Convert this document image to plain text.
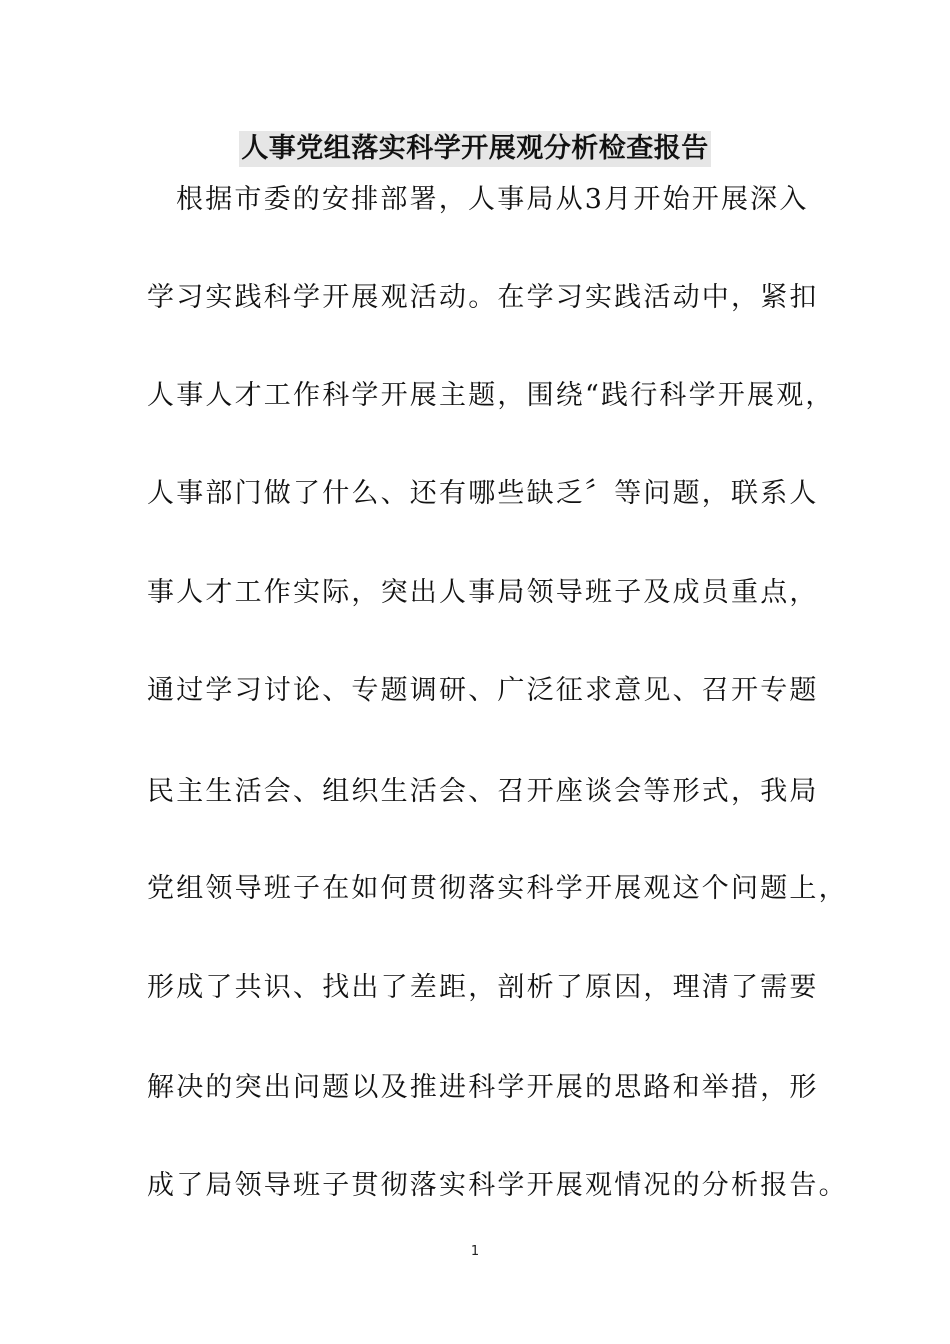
人事党组落实科学开展观分析检查报告
根据市委的安排部署，人事局从3月开始开展深入
学习实践科学开展观活动。在学习实践活动中，紧扣
人事人才工作科学开展主题，围绕“践行科学开展观，
人事部门做了什么、还有哪些缺乏〞等问题，联系人
事人才工作实际，突出人事局领导班子及成员重点，
通过学习讨论、专题调研、广泛征求意见、召开专题
民主生活会、组织生活会、召开座谈会等形式，我局
党组领导班子在如何贯彻落实科学开展观这个问题上，
形成了共识、找出了差距，剖析了原因，理清了需要
解决的突出问题以及推进科学开展的思路和举措，形
成了局领导班子贯彻落实科学开展观情况的分析报告。
1
